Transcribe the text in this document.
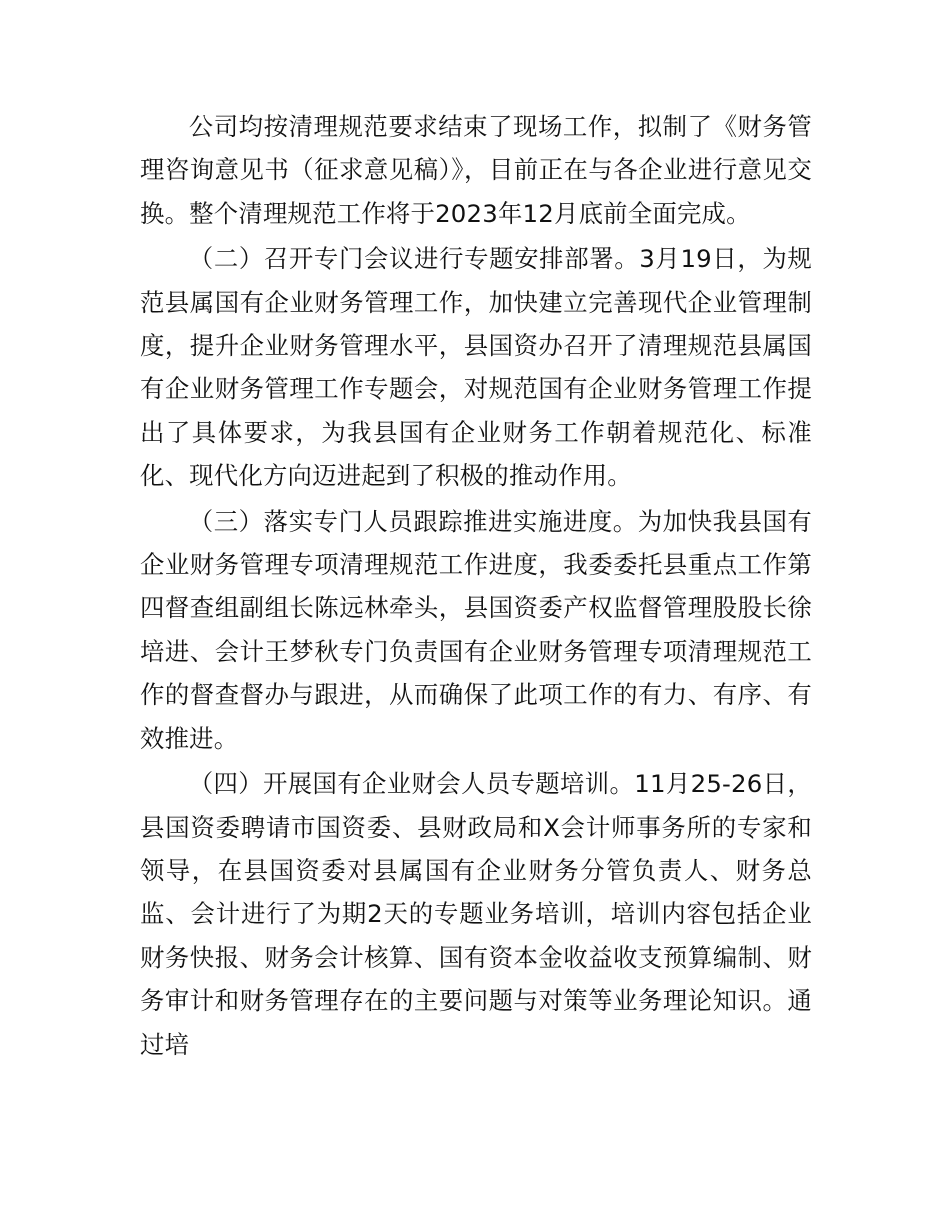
公司均按清理规范要求结束了现场工作，拟制了《财务管理咨询意见书（征求意见稿）》，目前正在与各企业进行意见交换。整个清理规范工作将于2023年12月底前全面完成。

（二）召开专门会议进行专题安排部署。3月19日，为规范县属国有企业财务管理工作，加快建立完善现代企业管理制度，提升企业财务管理水平，县国资办召开了清理规范县属国有企业财务管理工作专题会，对规范国有企业财务管理工作提出了具体要求，为我县国有企业财务工作朝着规范化、标准化、现代化方向迈进起到了积极的推动作用。

（三）落实专门人员跟踪推进实施进度。为加快我县国有企业财务管理专项清理规范工作进度，我委委托县重点工作第四督查组副组长陈远林牵头，县国资委产权监督管理股股长徐培进、会计王梦秋专门负责国有企业财务管理专项清理规范工作的督查督办与跟进，从而确保了此项工作的有力、有序、有效推进。

（四）开展国有企业财会人员专题培训。11月25-26日，县国资委聘请市国资委、县财政局和X会计师事务所的专家和领导，在县国资委对县属国有企业财务分管负责人、财务总监、会计进行了为期2天的专题业务培训，培训内容包括企业财务快报、财务会计核算、国有资本金收益收支预算编制、财务审计和财务管理存在的主要问题与对策等业务理论知识。通过培
